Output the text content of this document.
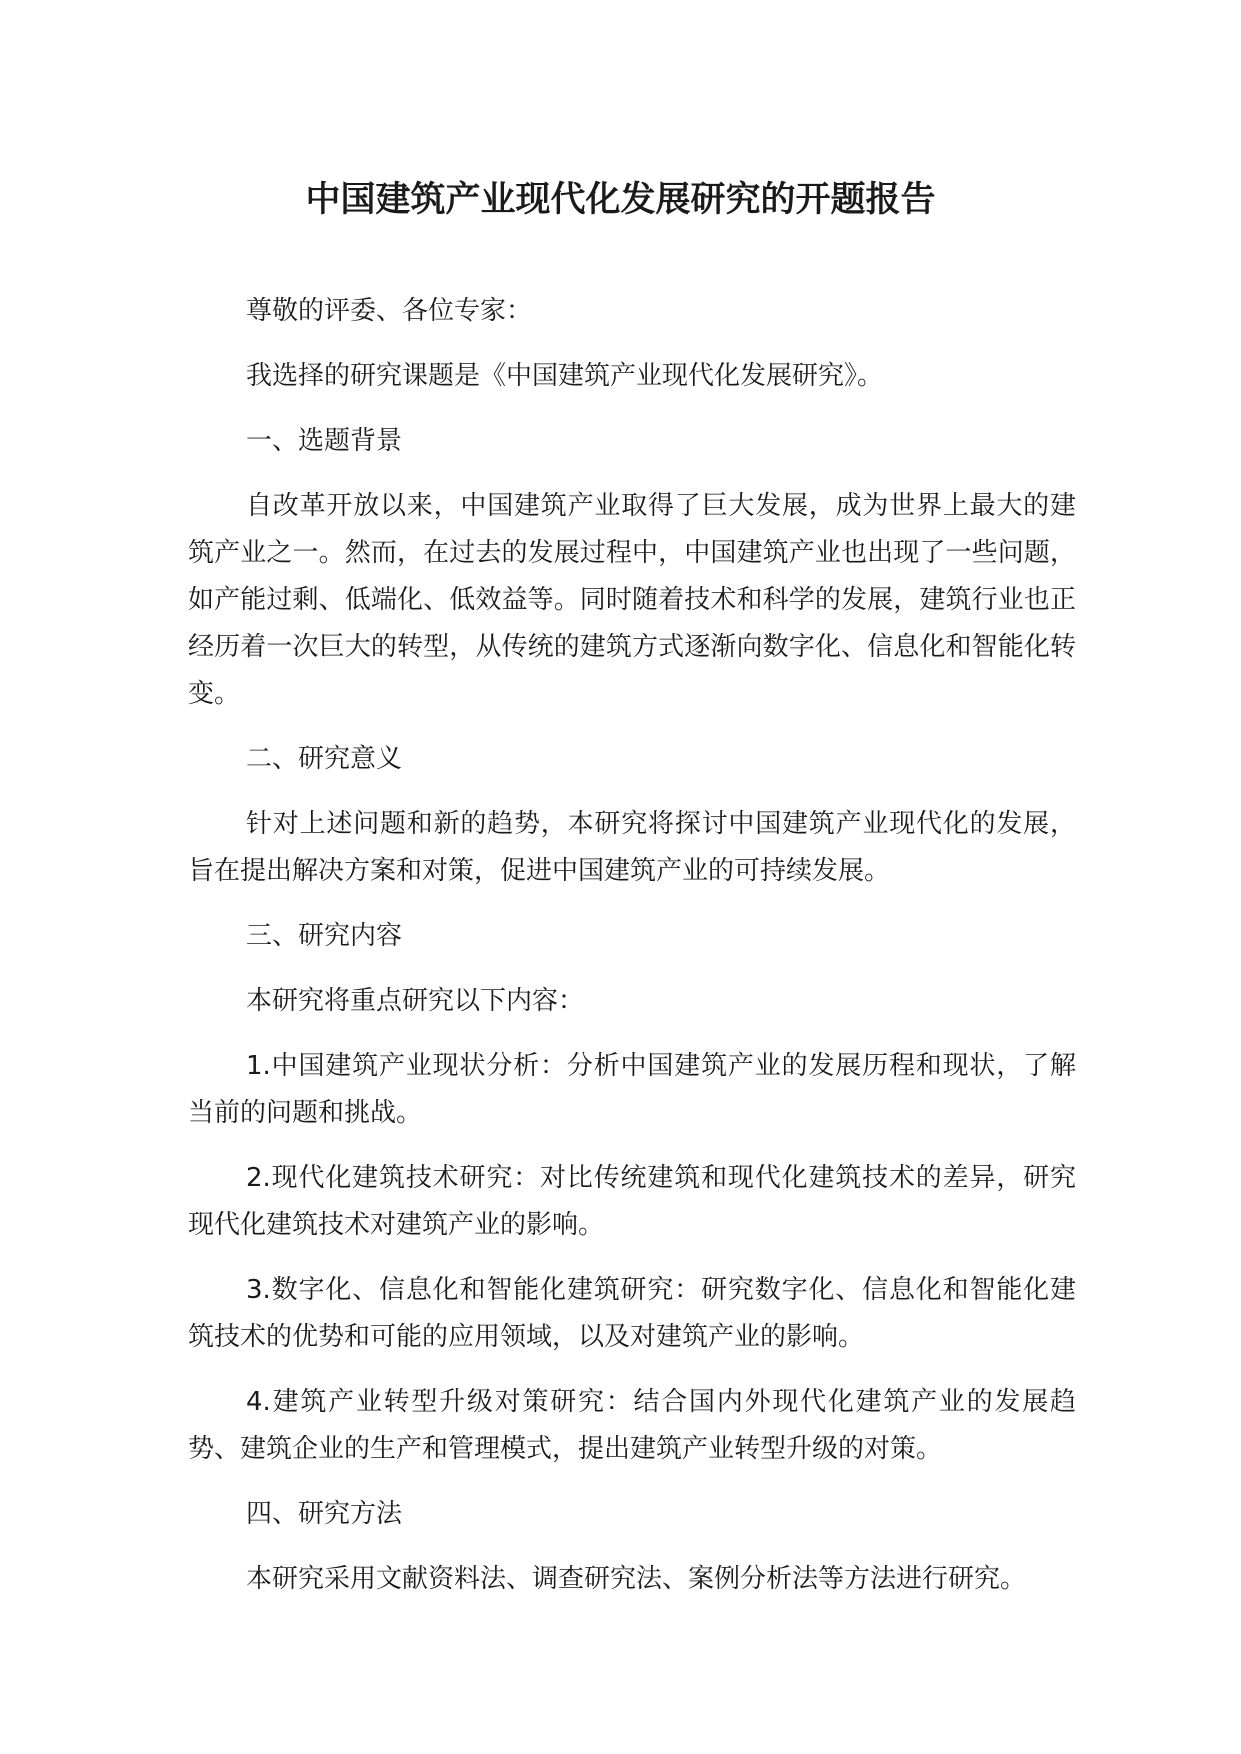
中国建筑产业现代化发展研究的开题报告

尊敬的评委、各位专家：

我选择的研究课题是《中国建筑产业现代化发展研究》。

一、选题背景

自改革开放以来，中国建筑产业取得了巨大发展，成为世界上最大的建筑产业之一。然而，在过去的发展过程中，中国建筑产业也出现了一些问题，如产能过剩、低端化、低效益等。同时随着技术和科学的发展，建筑行业也正经历着一次巨大的转型，从传统的建筑方式逐渐向数字化、信息化和智能化转变。

二、研究意义

针对上述问题和新的趋势，本研究将探讨中国建筑产业现代化的发展，旨在提出解决方案和对策，促进中国建筑产业的可持续发展。

三、研究内容

本研究将重点研究以下内容：

1.中国建筑产业现状分析：分析中国建筑产业的发展历程和现状，了解当前的问题和挑战。

2.现代化建筑技术研究：对比传统建筑和现代化建筑技术的差异，研究现代化建筑技术对建筑产业的影响。

3.数字化、信息化和智能化建筑研究：研究数字化、信息化和智能化建筑技术的优势和可能的应用领域，以及对建筑产业的影响。

4.建筑产业转型升级对策研究：结合国内外现代化建筑产业的发展趋势、建筑企业的生产和管理模式，提出建筑产业转型升级的对策。

四、研究方法

本研究采用文献资料法、调查研究法、案例分析法等方法进行研究。
